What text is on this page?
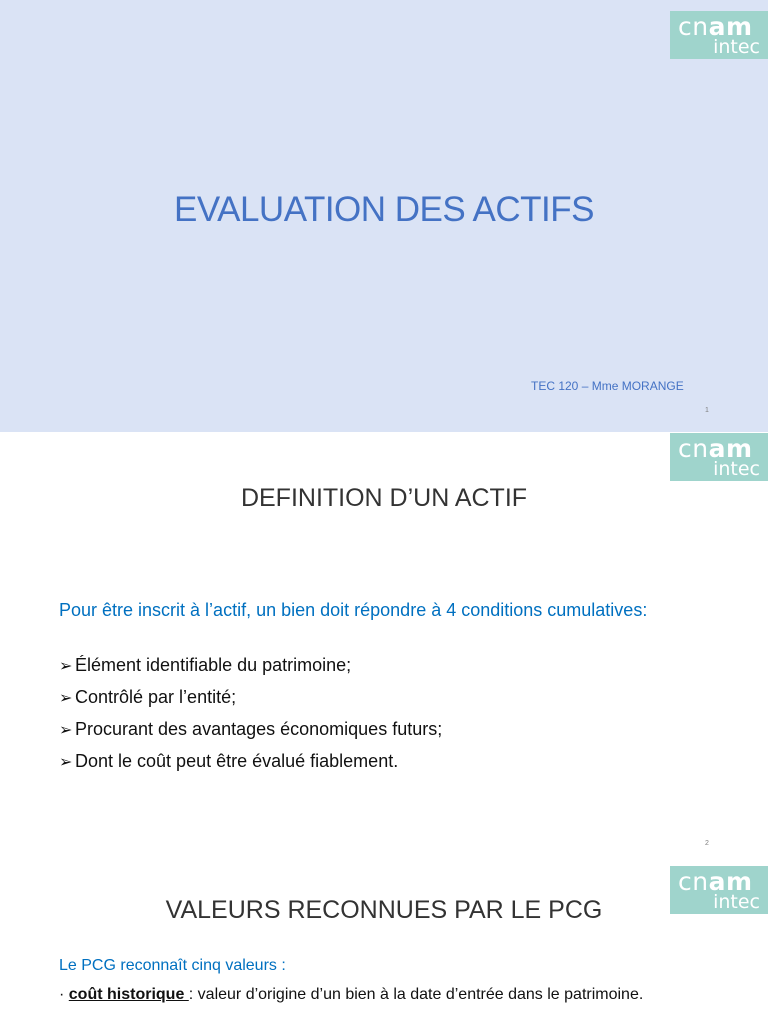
cnam
intec
EVALUATION DES ACTIFS
TEC 120 – Mme MORANGE
1
cnam
intec
DEFINITION D’UN ACTIF
Pour être inscrit à l’actif, un bien doit répondre à 4 conditions cumulatives:
➢ Élément identifiable du patrimoine;
➢ Contrôlé par l’entité;
➢ Procurant des avantages économiques futurs;
➢ Dont le coût peut être évalué fiablement.
2
cnam
intec
VALEURS RECONNUES PAR LE PCG
Le PCG reconnaît cinq valeurs :
· coût historique : valeur d’origine d’un bien à la date d’entrée dans le patrimoine.
